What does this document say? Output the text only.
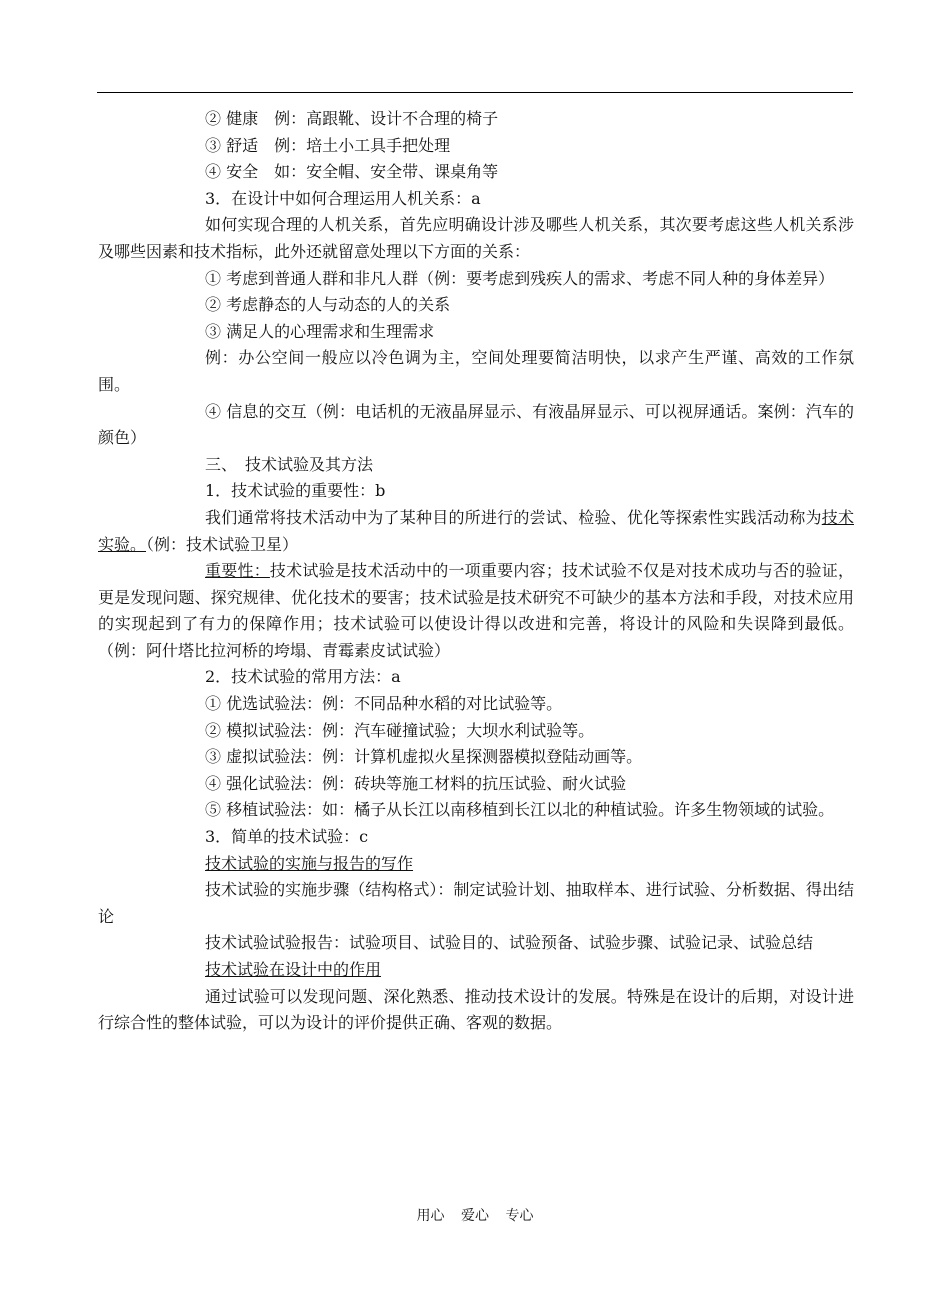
② 健康　例：高跟靴、设计不合理的椅子

③ 舒适　例：培土小工具手把处理

④ 安全　如：安全帽、安全带、课桌角等

3．在设计中如何合理运用人机关系：a

如何实现合理的人机关系，首先应明确设计涉及哪些人机关系，其次要考虑这些人机关系涉及哪些因素和技术指标，此外还就留意处理以下方面的关系：

① 考虑到普通人群和非凡人群（例：要考虑到残疾人的需求、考虑不同人种的身体差异）

② 考虑静态的人与动态的人的关系

③ 满足人的心理需求和生理需求

例：办公空间一般应以冷色调为主，空间处理要简洁明快，以求产生严谨、高效的工作氛围。

④ 信息的交互（例：电话机的无液晶屏显示、有液晶屏显示、可以视屏通话。案例：汽车的颜色）

三、　技术试验及其方法

1．技术试验的重要性：b

我们通常将技术活动中为了某种目的所进行的尝试、检验、优化等探索性实践活动称为技术实验。（例：技术试验卫星）

重要性：技术试验是技术活动中的一项重要内容；技术试验不仅是对技术成功与否的验证，更是发现问题、探究规律、优化技术的要害；技术试验是技术研究不可缺少的基本方法和手段，对技术应用的实现起到了有力的保障作用；技术试验可以使设计得以改进和完善，将设计的风险和失误降到最低。（例：阿什塔比拉河桥的垮塌、青霉素皮试试验）

2．技术试验的常用方法：a

① 优选试验法：例：不同品种水稻的对比试验等。

② 模拟试验法：例：汽车碰撞试验；大坝水利试验等。

③ 虚拟试验法：例：计算机虚拟火星探测器模拟登陆动画等。

④ 强化试验法：例：砖块等施工材料的抗压试验、耐火试验

⑤ 移植试验法：如：橘子从长江以南移植到长江以北的种植试验。许多生物领域的试验。

3．简单的技术试验：c

技术试验的实施与报告的写作

技术试验的实施步骤（结构格式）：制定试验计划、抽取样本、进行试验、分析数据、得出结论

技术试验试验报告：试验项目、试验目的、试验预备、试验步骤、试验记录、试验总结

技术试验在设计中的作用

通过试验可以发现问题、深化熟悉、推动技术设计的发展。特殊是在设计的后期，对设计进行综合性的整体试验，可以为设计的评价提供正确、客观的数据。

用心 爱心 专心
